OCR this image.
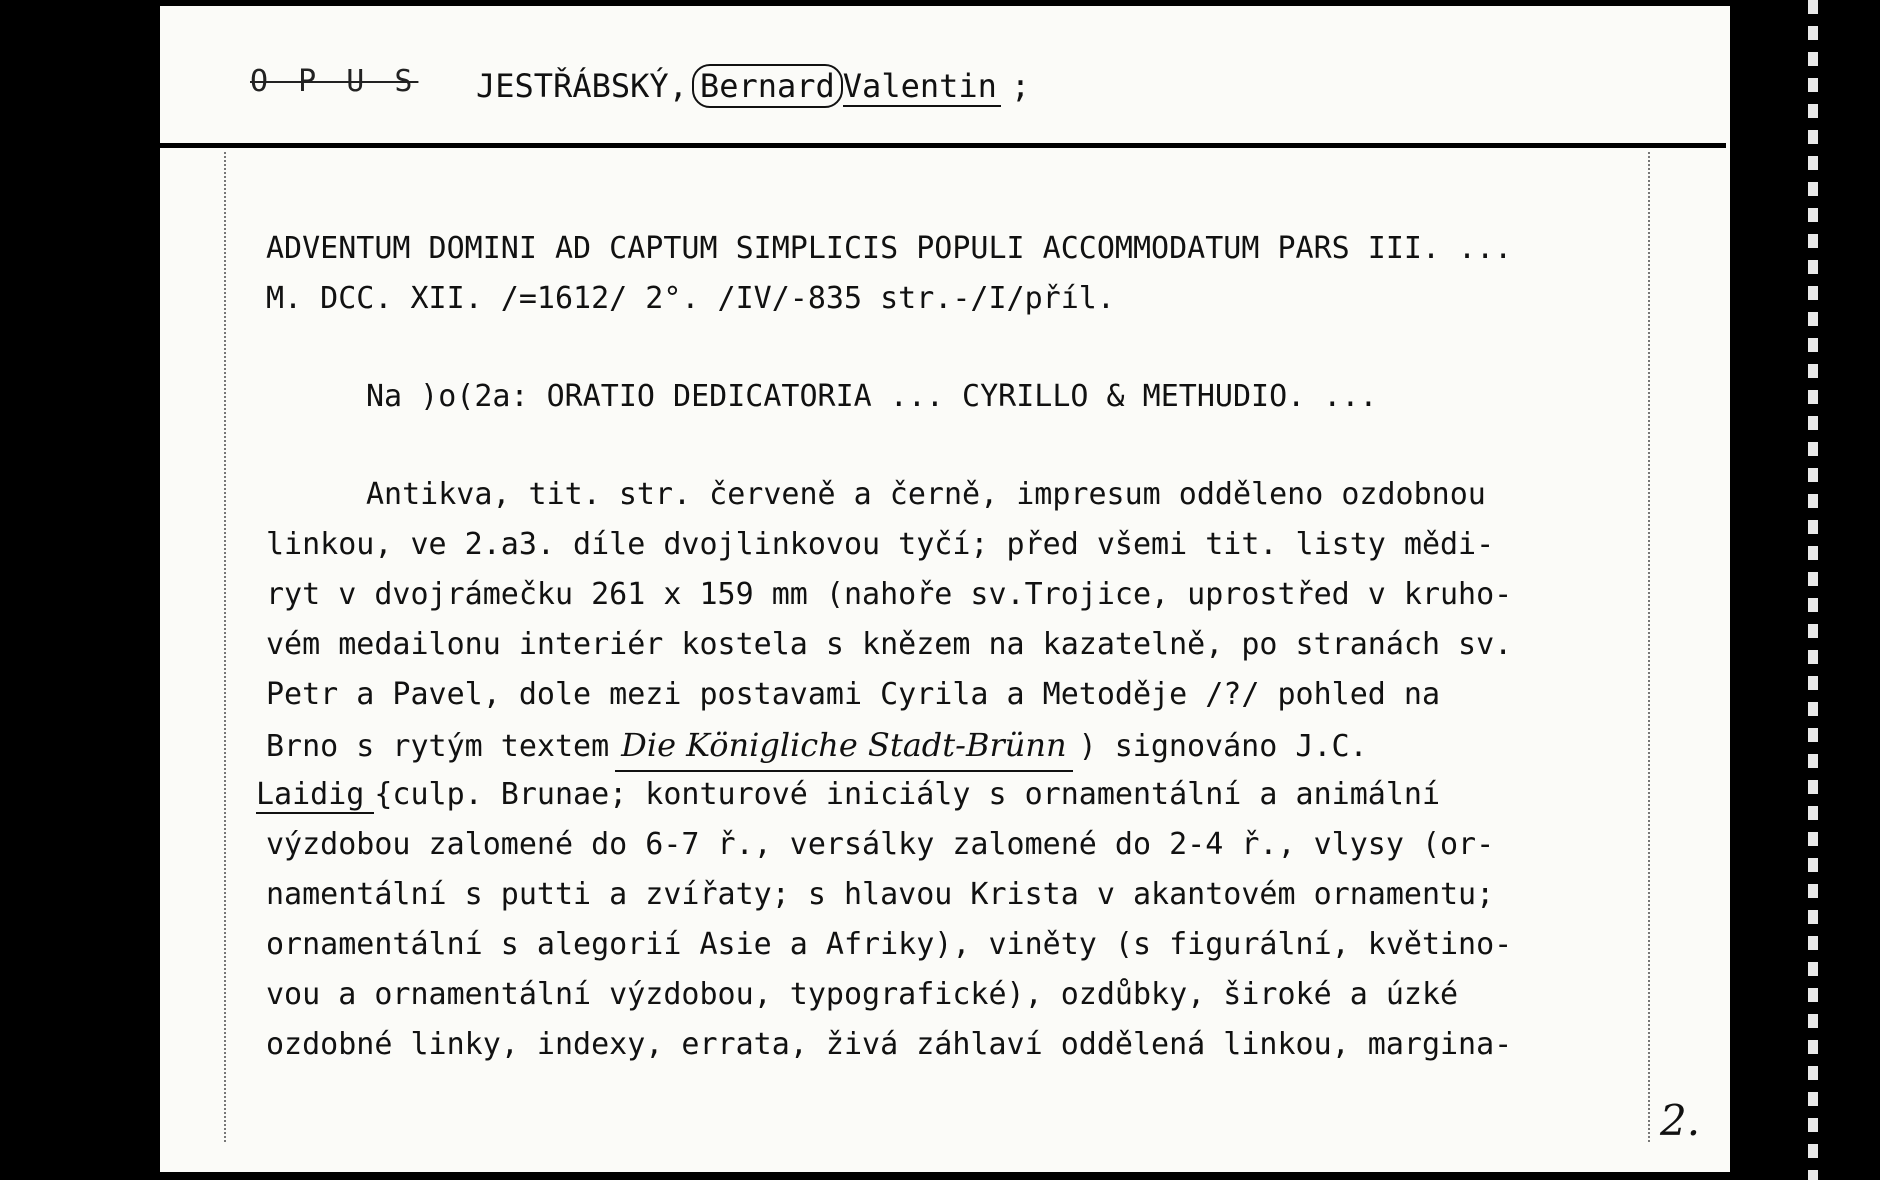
O P U S JESTŘÁBSKÝ, Bernard Valentin ;
ADVENTUM DOMINI AD CAPTUM SIMPLICIS POPULI ACCOMMODATUM PARS III. ...
M. DCC. XII. /=1612/ 2°. /IV/-835 str.-/I/příl.
Na )o(2a: ORATIO DEDICATORIA ... CYRILLO & METHUDIO. ...
Antikva, tit. str. červeně a černě, impresum odděleno ozdobnou
linkou, ve 2.a3. díle dvojlinkovou tyčí; před všemi tit. listy mědi-
ryt v dvojrámečku 261 x 159 mm (nahoře sv.Trojice, uprostřed v kruho-
vém medailonu interiér kostela s knězem na kazatelně, po stranách sv.
Petr a Pavel, dole mezi postavami Cyrila a Metoděje /?/ pohled na
Brno s rytým textem Die Königliche Stadt-Brünn ) signováno J.C.
Laidig {culp. Brunae; konturové iniciály s ornamentální a animální
výzdobou zalomené do 6-7 ř., versálky zalomené do 2-4 ř., vlysy (or-
namentální s putti a zvířaty; s hlavou Krista v akantovém ornamentu;
ornamentální s alegorií Asie a Afriky), viněty (s figurální, květino-
vou a ornamentální výzdobou, typografické), ozdůbky, široké a úzké
ozdobné linky, indexy, errata, živá záhlaví oddělená linkou, margina-
2.
